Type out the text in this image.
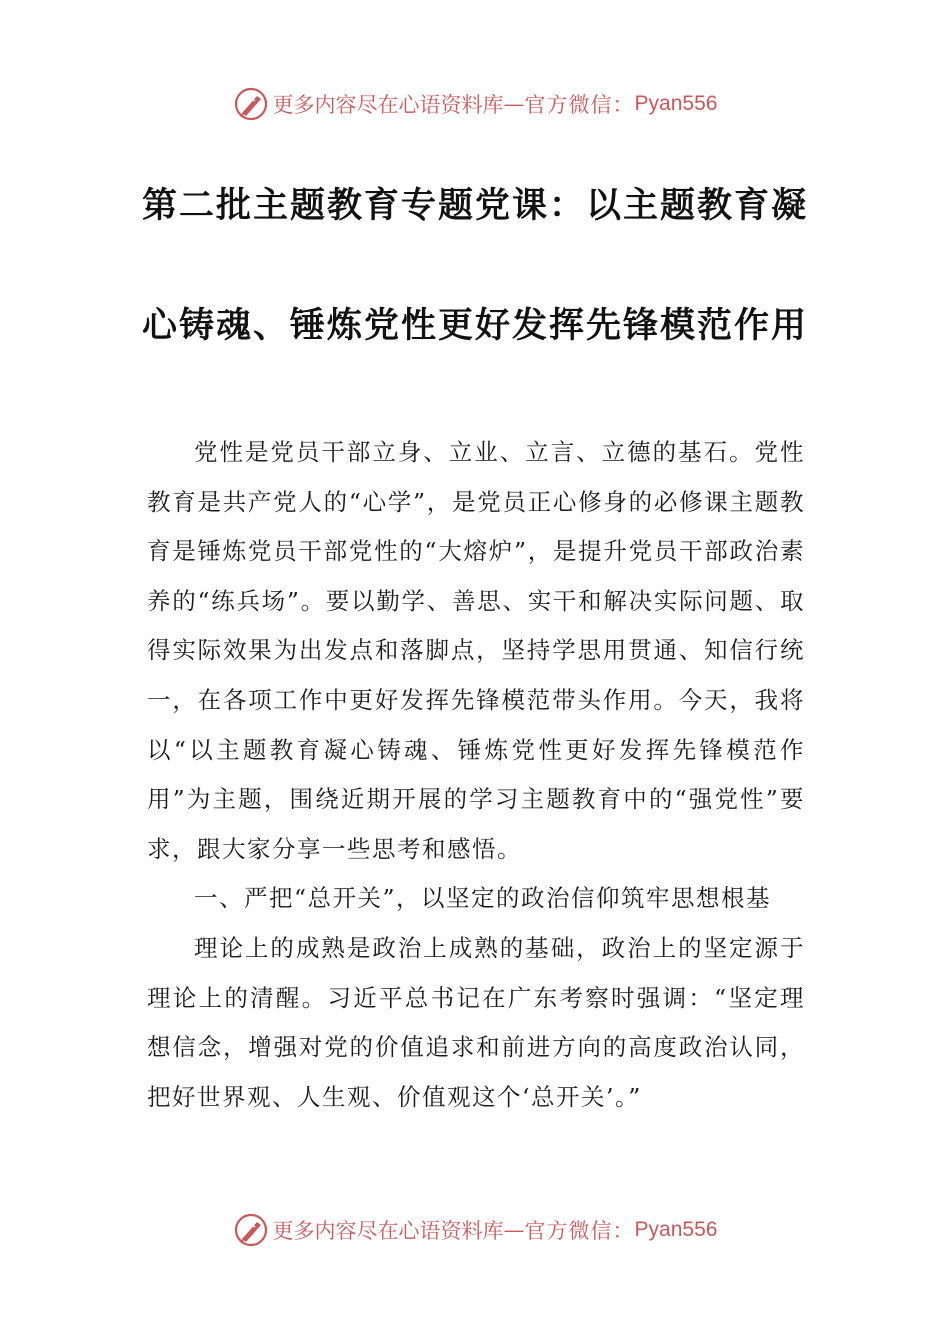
更多内容尽在心语资料库 — 官方微信： Pyan556
第二批主题教育专题党课：以主题教育凝
心铸魂、锤炼党性更好发挥先锋模范作用

党性是党员干部立身、立业、立言、立德的基石。党性教育是共产党人的“心学”，是党员正心修身的必修课主题教育是锤炼党员干部党性的“大熔炉”，是提升党员干部政治素养的“练兵场”。要以勤学、善思、实干和解决实际问题、取得实际效果为出发点和落脚点，坚持学思用贯通、知信行统一，在各项工作中更好发挥先锋模范带头作用。今天，我将以“以主题教育凝心铸魂、锤炼党性更好发挥先锋模范作用”为主题，围绕近期开展的学习主题教育中的“强党性”要求，跟大家分享一些思考和感悟。

一、严把“总开关”，以坚定的政治信仰筑牢思想根基

理论上的成熟是政治上成熟的基础，政治上的坚定源于理论上的清醒。习近平总书记在广东考察时强调：“坚定理想信念，增强对党的价值追求和前进方向的高度政治认同，把好世界观、人生观、价值观这个‘总开关’。”

更多内容尽在心语资料库 — 官方微信： Pyan556
